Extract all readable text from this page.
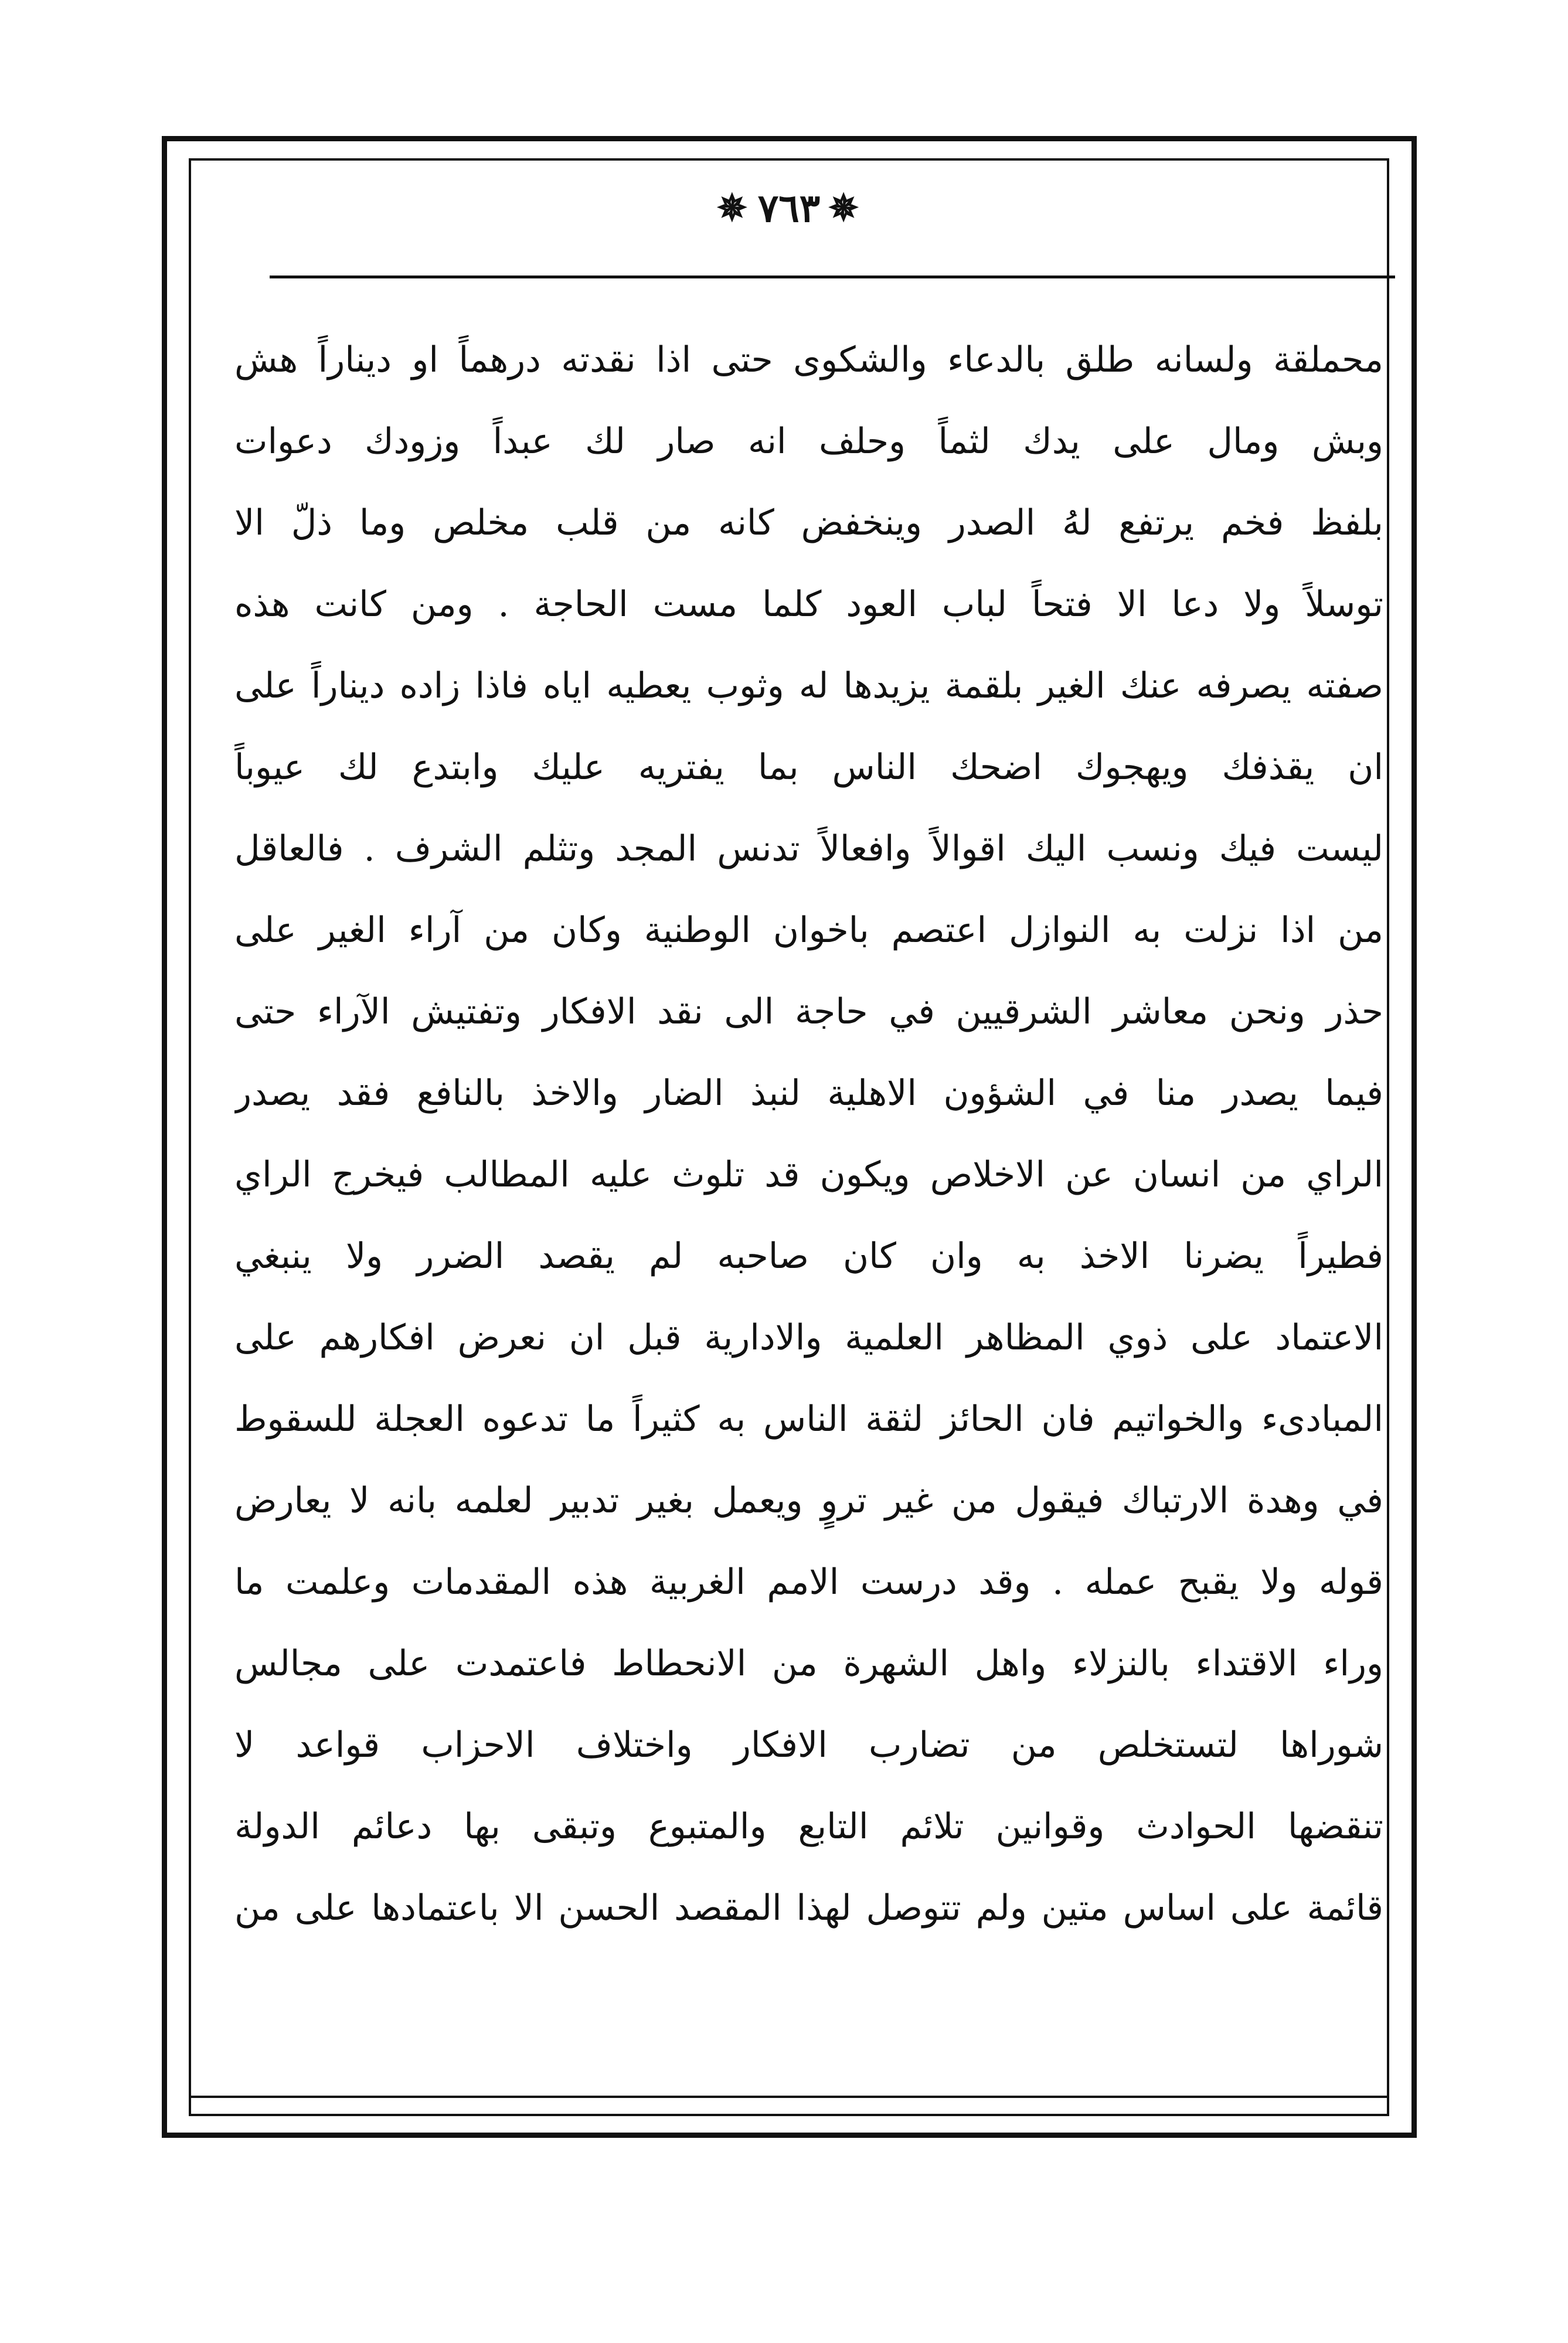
✵ ٧٦٣ ✵
محملقة ولسانه طلق بالدعاء والشكوى حتى اذا نقدته درهماً او ديناراً هش
وبش ومال على يدك لثماً وحلف انه صار لك عبداً وزودك دعوات
بلفظ فخم يرتفع لهُ الصدر وينخفض كانه من قلب مخلص وما ذلّ الا
توسلاً ولا دعا الا فتحاً لباب العود كلما مست الحاجة . ومن كانت هذه
صفته يصرفه عنك الغير بلقمة يزيدها له وثوب يعطيه اياه فاذا زاده ديناراً على
ان يقذفك ويهجوك اضحك الناس بما يفتريه عليك وابتدع لك عيوباً
ليست فيك ونسب اليك اقوالاً وافعالاً تدنس المجد وتثلم الشرف . فالعاقل
من اذا نزلت به النوازل اعتصم باخوان الوطنية وكان من آراء الغير على
حذر ونحن معاشر الشرقيين في حاجة الى نقد الافكار وتفتيش الآراء حتى
فيما يصدر منا في الشؤون الاهلية لنبذ الضار والاخذ بالنافع فقد يصدر
الراي من انسان عن الاخلاص ويكون قد تلوث عليه المطالب فيخرج الراي
فطيراً يضرنا الاخذ به وان كان صاحبه لم يقصد الضرر ولا ينبغي
الاعتماد على ذوي المظاهر العلمية والادارية قبل ان نعرض افكارهم على
المبادىء والخواتيم فان الحائز لثقة الناس به كثيراً ما تدعوه العجلة للسقوط
في وهدة الارتباك فيقول من غير تروٍ ويعمل بغير تدبير لعلمه بانه لا يعارض
قوله ولا يقبح عمله . وقد درست الامم الغربية هذه المقدمات وعلمت ما
وراء الاقتداء بالنزلاء واهل الشهرة من الانحطاط فاعتمدت على مجالس
شوراها لتستخلص من تضارب الافكار واختلاف الاحزاب قواعد لا
تنقضها الحوادث وقوانين تلائم التابع والمتبوع وتبقى بها دعائم الدولة
قائمة على اساس متين ولم تتوصل لهذا المقصد الحسن الا باعتمادها على من
